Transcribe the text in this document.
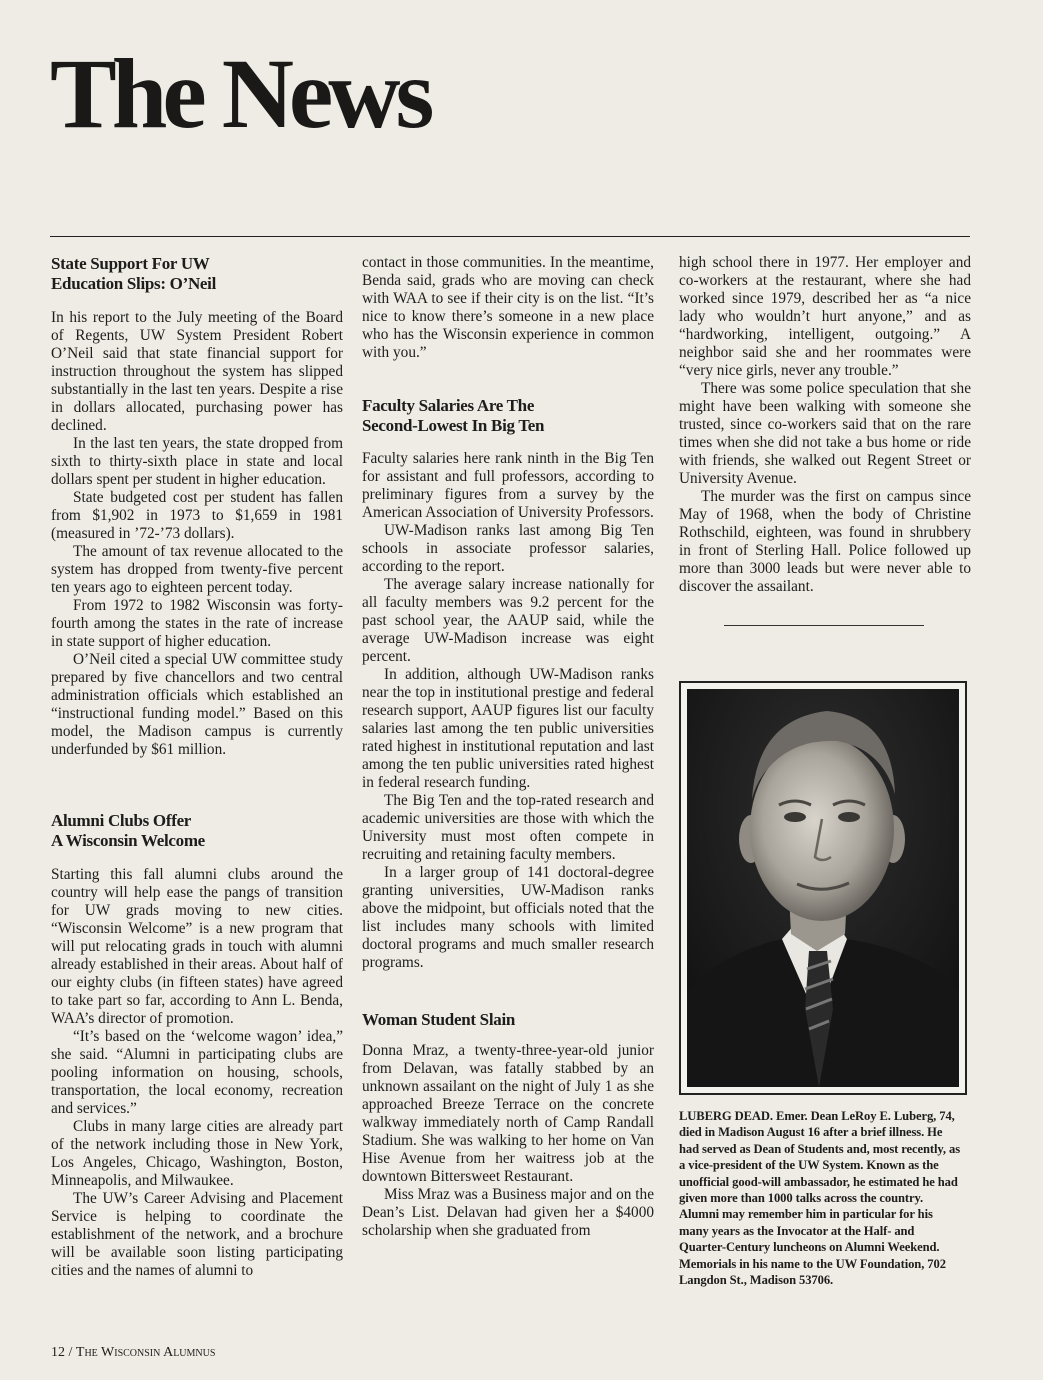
The News
State Support For UW
Education Slips: O’Neil

In his report to the July meeting of the Board of Regents, UW System President Robert O’Neil said that state financial support for instruction throughout the system has slipped substantially in the last ten years. Despite a rise in dollars allocated, purchasing power has declined.

In the last ten years, the state dropped from sixth to thirty-sixth place in state and local dollars spent per student in higher education.

State budgeted cost per student has fallen from $1,902 in 1973 to $1,659 in 1981 (measured in ’72-’73 dollars).

The amount of tax revenue allocated to the system has dropped from twenty-five percent ten years ago to eighteen percent today.

From 1972 to 1982 Wisconsin was forty-fourth among the states in the rate of increase in state support of higher education.

O’Neil cited a special UW committee study prepared by five chancellors and two central administration officials which established an “instructional funding model.” Based on this model, the Madison campus is currently underfunded by $61 million.

Alumni Clubs Offer
A Wisconsin Welcome

Starting this fall alumni clubs around the country will help ease the pangs of transition for UW grads moving to new cities. “Wisconsin Welcome” is a new program that will put relocating grads in touch with alumni already established in their areas. About half of our eighty clubs (in fifteen states) have agreed to take part so far, according to Ann L. Benda, WAA’s director of promotion.

“It’s based on the ‘welcome wagon’ idea,” she said. “Alumni in participating clubs are pooling information on housing, schools, transportation, the local economy, recreation and services.”

Clubs in many large cities are already part of the network including those in New York, Los Angeles, Chicago, Washington, Boston, Minneapolis, and Milwaukee.

The UW’s Career Advising and Placement Service is helping to coordinate the establishment of the network, and a brochure will be available soon listing participating cities and the names of alumni to

contact in those communities. In the meantime, Benda said, grads who are moving can check with WAA to see if their city is on the list. “It’s nice to know there’s someone in a new place who has the Wisconsin experience in common with you.”

Faculty Salaries Are The
Second-Lowest In Big Ten

Faculty salaries here rank ninth in the Big Ten for assistant and full professors, according to preliminary figures from a survey by the American Association of University Professors.

UW-Madison ranks last among Big Ten schools in associate professor salaries, according to the report.

The average salary increase nationally for all faculty members was 9.2 percent for the past school year, the AAUP said, while the average UW-Madison increase was eight percent.

In addition, although UW-Madison ranks near the top in institutional prestige and federal research support, AAUP figures list our faculty salaries last among the ten public universities rated highest in institutional reputation and last among the ten public universities rated highest in federal research funding.

The Big Ten and the top-rated research and academic universities are those with which the University must most often compete in recruiting and retaining faculty members.

In a larger group of 141 doctoral-degree granting universities, UW-Madison ranks above the midpoint, but officials noted that the list includes many schools with limited doctoral programs and much smaller research programs.

Woman Student Slain

Donna Mraz, a twenty-three-year-old junior from Delavan, was fatally stabbed by an unknown assailant on the night of July 1 as she approached Breeze Terrace on the concrete walkway immediately north of Camp Randall Stadium. She was walking to her home on Van Hise Avenue from her waitress job at the downtown Bittersweet Restaurant.

Miss Mraz was a Business major and on the Dean’s List. Delavan had given her a $4000 scholarship when she graduated from

high school there in 1977. Her employer and co-workers at the restaurant, where she had worked since 1979, described her as “a nice lady who wouldn’t hurt anyone,” and as “hardworking, intelligent, outgoing.” A neighbor said she and her roommates were “very nice girls, never any trouble.”

There was some police speculation that she might have been walking with someone she trusted, since co-workers said that on the rare times when she did not take a bus home or ride with friends, she walked out Regent Street or University Avenue.

The murder was the first on campus since May of 1968, when the body of Christine Rothschild, eighteen, was found in shrubbery in front of Sterling Hall. Police followed up more than 3000 leads but were never able to discover the assailant.

LUBERG DEAD. Emer. Dean LeRoy E. Luberg, 74, died in Madison August 16 after a brief illness. He had served as Dean of Students and, most recently, as a vice-president of the UW System. Known as the unofficial good-will ambassador, he estimated he had given more than 1000 talks across the country. Alumni may remember him in particular for his many years as the Invocator at the Half- and Quarter-Century luncheons on Alumni Weekend. Memorials in his name to the UW Foundation, 702 Langdon St., Madison 53706.
12 / The Wisconsin Alumnus
